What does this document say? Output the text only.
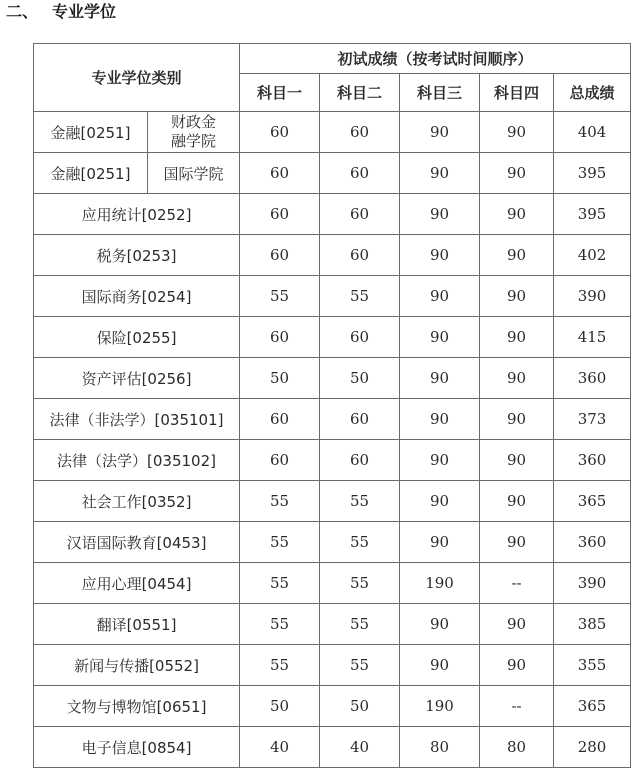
二、 专业学位
专业学位类别		初试成绩（按考试时间顺序）				
		科目一	科目二	科目三	科目四	总成绩
金融[0251]	财政金融学院	60	60	90	90	404
金融[0251]	国际学院	60	60	90	90	395
应用统计[0252]		60	60	90	90	395
税务[0253]		60	60	90	90	402
国际商务[0254]		55	55	90	90	390
保险[0255]		60	60	90	90	415
资产评估[0256]		50	50	90	90	360
法律（非法学）[035101]		60	60	90	90	373
法律（法学）[035102]		60	60	90	90	360
社会工作[0352]		55	55	90	90	365
汉语国际教育[0453]		55	55	90	90	360
应用心理[0454]		55	55	190	--	390
翻译[0551]		55	55	90	90	385
新闻与传播[0552]		55	55	90	90	355
文物与博物馆[0651]		50	50	190	--	365
电子信息[0854]		40	40	80	80	280
